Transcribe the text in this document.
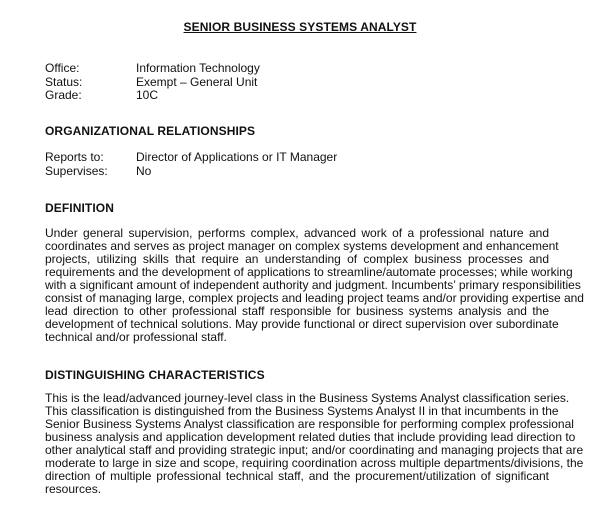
SENIOR BUSINESS SYSTEMS ANALYST
Office:	Information Technology
Status:	Exempt – General Unit
Grade:	10C
ORGANIZATIONAL RELATIONSHIPS
Reports to:	Director of Applications or IT Manager
Supervises:	No
DEFINITION
Under general supervision, performs complex, advanced work of a professional nature and
coordinates and serves as project manager on complex systems development and enhancement
projects, utilizing skills that require an understanding of complex business processes and
requirements and the development of applications to streamline/automate processes; while working
with a significant amount of independent authority and judgment. Incumbents’ primary responsibilities
consist of managing large, complex projects and leading project teams and/or providing expertise and
lead direction to other professional staff responsible for business systems analysis and the
development of technical solutions. May provide functional or direct supervision over subordinate
technical and/or professional staff.
DISTINGUISHING CHARACTERISTICS
This is the lead/advanced journey-level class in the Business Systems Analyst classification series.
This classification is distinguished from the Business Systems Analyst II in that incumbents in the
Senior Business Systems Analyst classification are responsible for performing complex professional
business analysis and application development related duties that include providing lead direction to
other analytical staff and providing strategic input; and/or coordinating and managing projects that are
moderate to large in size and scope, requiring coordination across multiple departments/divisions, the
direction of multiple professional technical staff, and the procurement/utilization of significant
resources.
